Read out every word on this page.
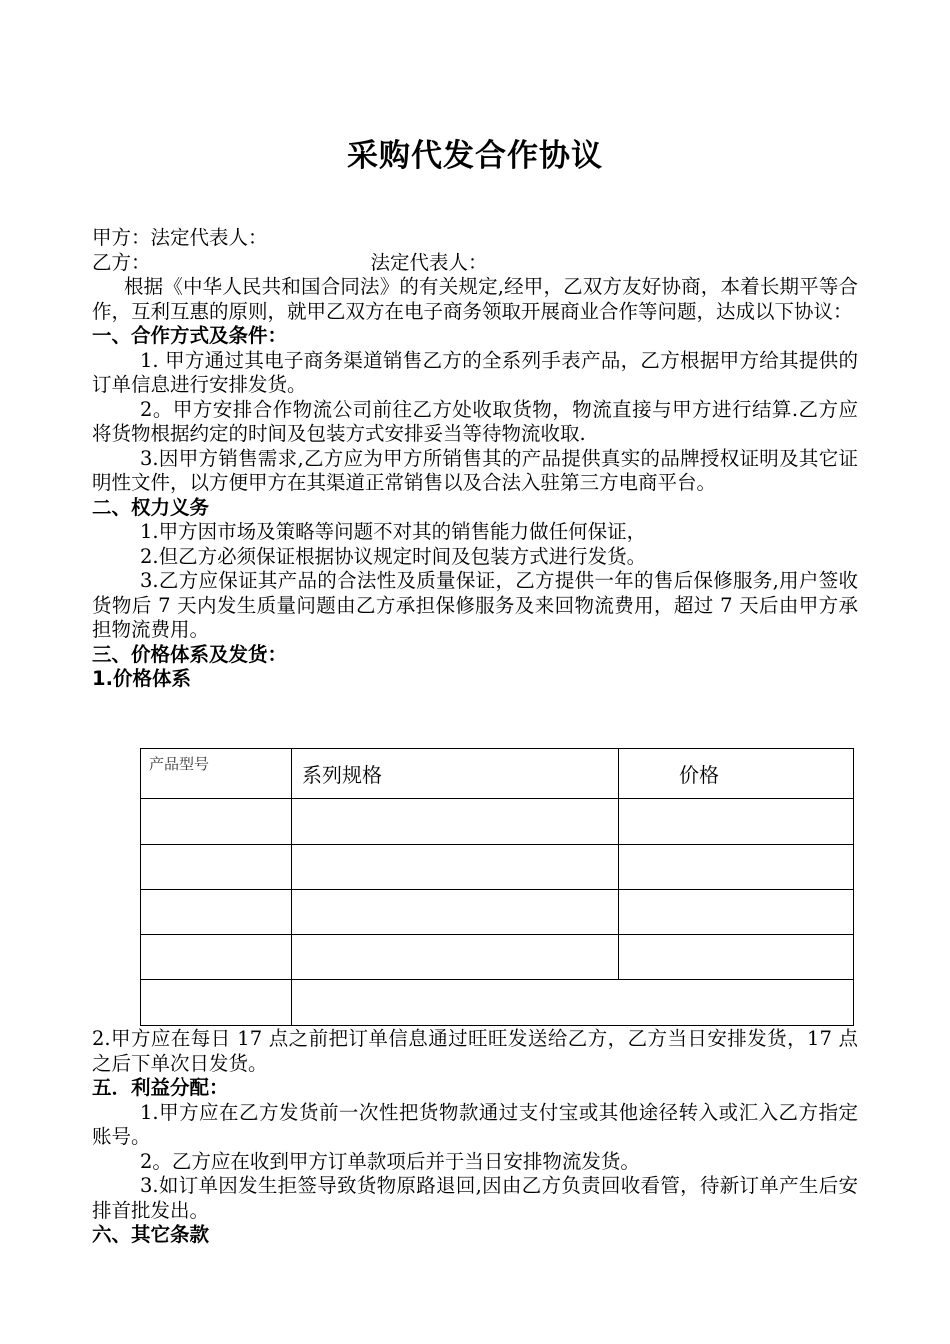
采购代发合作协议

甲方：法定代表人：

乙方：	法定代表人：

根据《中华人民共和国合同法》的有关规定,经甲，乙双方友好协商，本着长期平等合作，互利互惠的原则，就甲乙双方在电子商务领取开展商业合作等问题，达成以下协议：

一、合作方式及条件：

1. 甲方通过其电子商务渠道销售乙方的全系列手表产品，乙方根据甲方给其提供的订单信息进行安排发货。

2。甲方安排合作物流公司前往乙方处收取货物，物流直接与甲方进行结算.乙方应将货物根据约定的时间及包装方式安排妥当等待物流收取.

3.因甲方销售需求,乙方应为甲方所销售其的产品提供真实的品牌授权证明及其它证明性文件，以方便甲方在其渠道正常销售以及合法入驻第三方电商平台。

二、权力义务

1.甲方因市场及策略等问题不对其的销售能力做任何保证，

2.但乙方必须保证根据协议规定时间及包装方式进行发货。

3.乙方应保证其产品的合法性及质量保证，乙方提供一年的售后保修服务,用户签收货物后 7 天内发生质量问题由乙方承担保修服务及来回物流费用，超过 7 天后由甲方承担物流费用。

三、价格体系及发货：

1.价格体系

产品型号	系列规格	价格

2.甲方应在每日 17 点之前把订单信息通过旺旺发送给乙方，乙方当日安排发货，17 点之后下单次日发货。

五．利益分配：

1.甲方应在乙方发货前一次性把货物款通过支付宝或其他途径转入或汇入乙方指定账号。

2。乙方应在收到甲方订单款项后并于当日安排物流发货。

3.如订单因发生拒签导致货物原路退回,因由乙方负责回收看管，待新订单产生后安排首批发出。

六、其它条款
